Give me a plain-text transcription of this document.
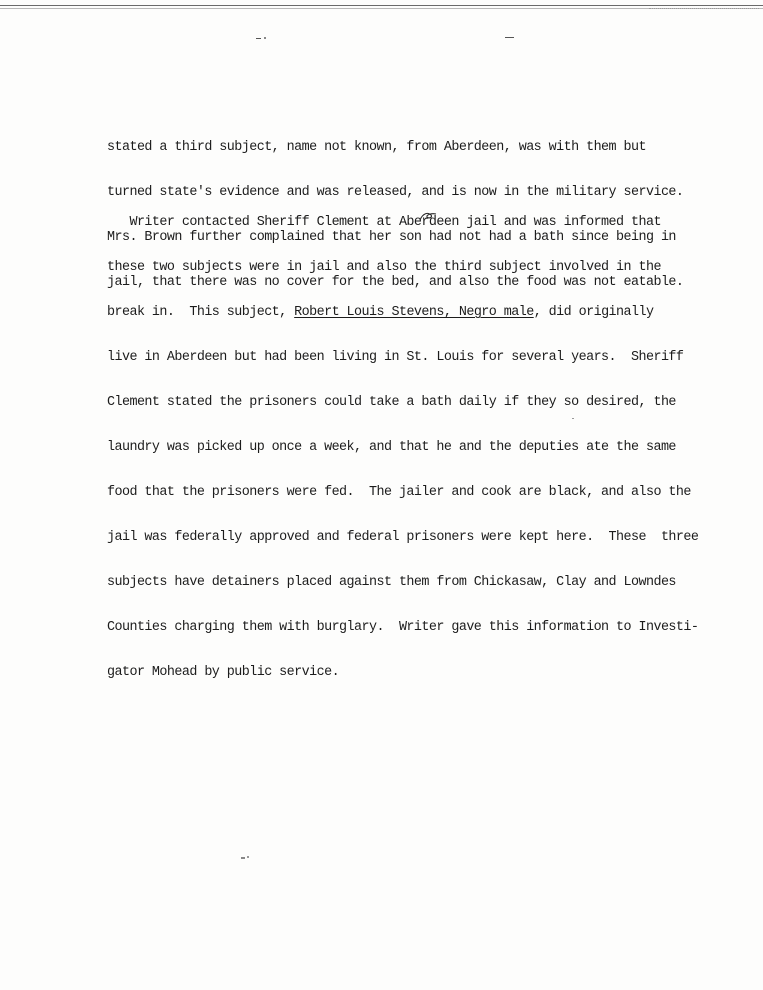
stated a third subject, name not known, from Aberdeen, was with them but

turned state's evidence and was released, and is now in the military service.

Mrs. Brown further complained that her son had not had a bath since being in

jail, that there was no cover for the bed, and also the food was not eatable.

Writer contacted Sheriff Clement at Aberdeen jail and was informed that

these two subjects were in jail and also the third subject involved in the

break in.  This subject, Robert Louis Stevens, Negro male, did originally

live in Aberdeen but had been living in St. Louis for several years.  Sheriff

Clement stated the prisoners could take a bath daily if they so desired, the

laundry was picked up once a week, and that he and the deputies ate the same

food that the prisoners were fed.  The jailer and cook are black, and also the

jail was federally approved and federal prisoners were kept here.  These  three

subjects have detainers placed against them from Chickasaw, Clay and Lowndes

Counties charging them with burglary.  Writer gave this information to Investi-

gator Mohead by public service.
